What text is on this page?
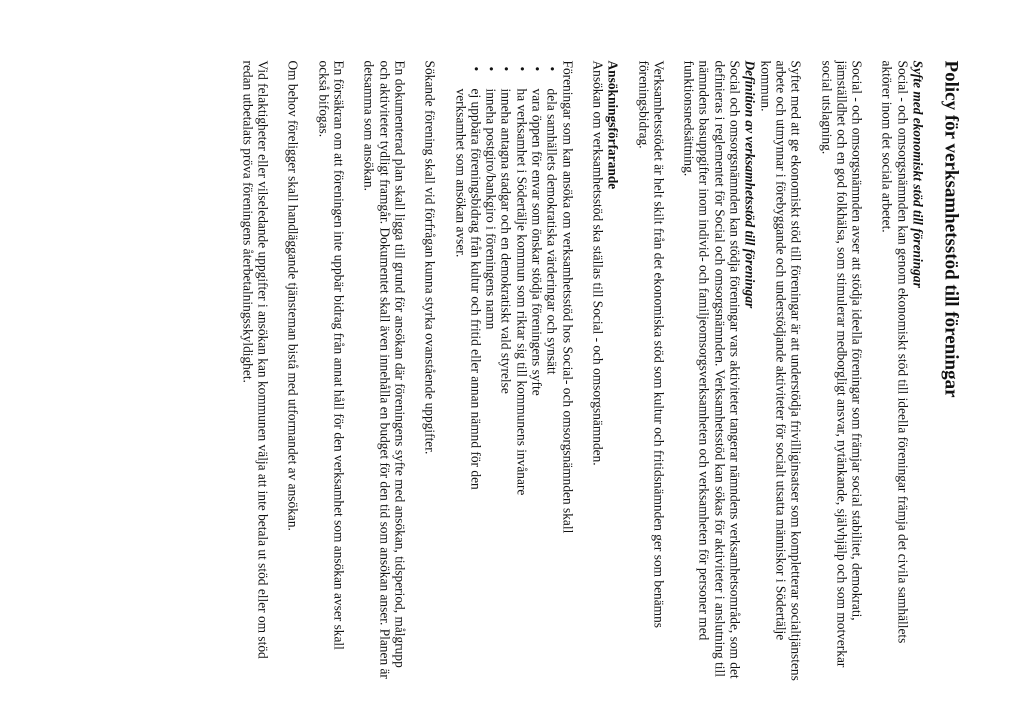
Policy för verksamhetsstöd till föreningar
Syfte med ekonomiskt stöd till föreningar

Social - och omsorgsnämnden kan genom ekonomiskt stöd till ideella föreningar främja det civila samhällets aktörer inom det sociala arbetet.

Social - och omsorgsnämnden avser att stödja ideella föreningar som främjar social stabilitet, demokrati, jämställdhet och en god folkhälsa, som stimulerar medborgligt ansvar, nytänkande, självhjälp och som motverkar social utslagning.

Syftet med att ge ekonomiskt stöd till föreningar är att understödja frivilliginsatser som kompletterar socialtjänstens arbete och utmynnar i förebyggande och understödjande aktiviteter för socialt utsatta människor i Södertälje kommun.

Definition av verksamhetsstöd till föreningar

Social och omsorgsnämnden kan stödja föreningar vars aktiviteter tangerar nämndens verksamhetsområde, som det definieras i reglementet för Social och omsorgsnämnden. Verksamhetsstöd kan sökas för aktiviteter i anslutning till nämndens basuppgifter inom individ- och familjeomsorgsverksamheten och verksamheten för personer med funktionsnedsättning.

Verksamhetsstödet är helt skilt från det ekonomiska stöd som kultur och fritidsnämnden ger som benämns föreningsbidrag.

Ansökningsförfarande

Ansökan om verksamhetsstöd ska ställas till Social - och omsorgsnämnden.

Föreningar som kan ansöka om verksamhetsstöd hos Social- och omsorgsnämnden skall

•
dela samhällets demokratiska värderingar och synsätt
•
vara öppen för envar som önskar stödja föreningens syfte
•
ha verksamhet i Södertälje kommun som riktar sig till kommunens invånare
•
inneha antagna stadgar och en demokratiskt vald styrelse
•
inneha postgiro/bankgiro i föreningens namn
•
ej uppbära föreningsbidrag från kultur och fritid eller annan nämnd för den
verksamhet som ansökan avser.

Sökande förening skall vid förfrågan kunna styrka ovanstående uppgifter.

En dokumenterad plan skall ligga till grund för ansökan där föreningens syfte med ansökan, tidsperiod, målgrupp och aktiviteter tydligt framgår. Dokumentet skall även innehålla en budget för den tid som ansökan anser. Planen är detsamma som ansökan.

En försäkran om att föreningen inte uppbär bidrag från annat håll för den verksamhet som ansökan avser skall också bifogas.

Om behov föreligger skall handläggande tjänsteman bistå med utformandet av ansökan.

Vid felaktigheter eller vilseledande uppgifter i ansökan kan kommunen välja att inte betala ut stöd eller om stöd redan utbetalats pröva föreningens återbetalningsskyldighet.
